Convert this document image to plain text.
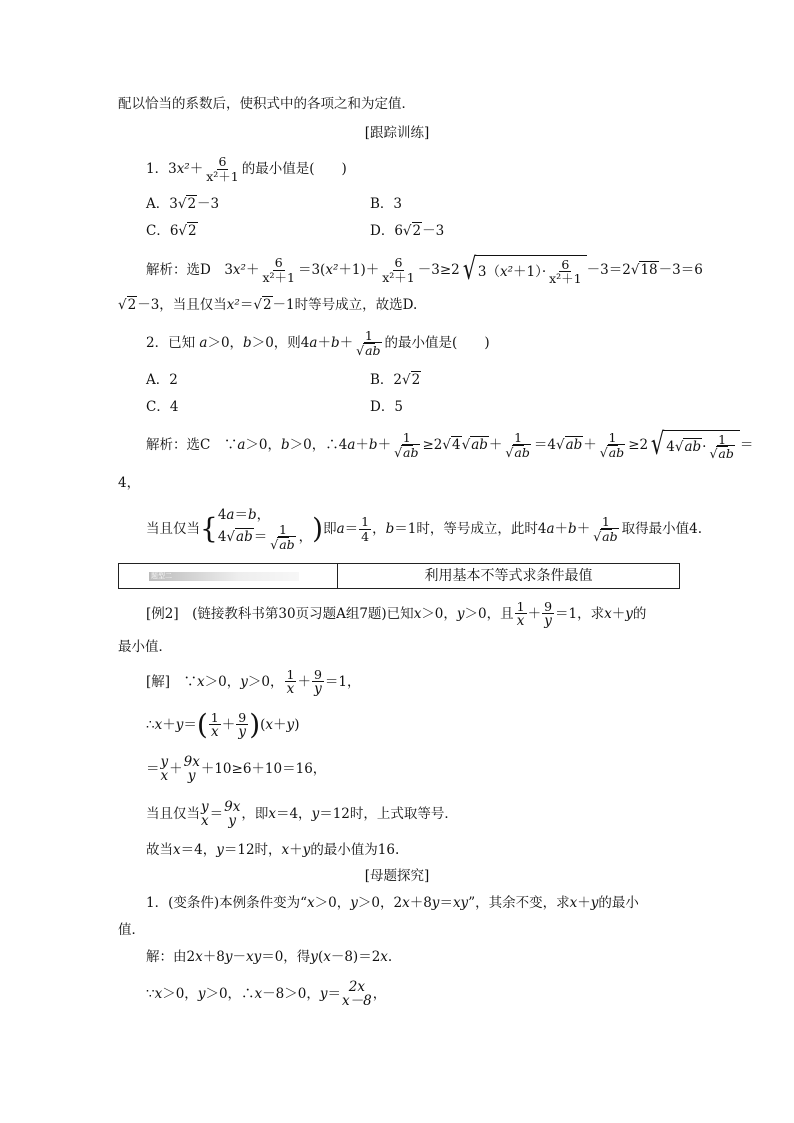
配以恰当的系数后，使积式中的各项之和为定值．
[跟踪训练]
1．3 $x^2 + \frac{6}{\text{x²＋1}}$ 的最小值是(　　)
A．3 √ 2－3	B．3
C．6 √ 2	D．6 √ 2－3
解析：选D　3 $x^2 + \frac{6}{\text{x²＋1}} =3$( $x^2 +1)+ \frac{6}{\text{x²＋1}} -3\ge 2$ √ 3（ $x^2 +1)\cdot \frac{6}{\text{x²＋1}} -3=2$ √ 18 －3＝6
√ 2－3，当且仅当x²＝ √ 2－1时等号成立，故选D.
2．已知
a ＞0， b ＞0，则4 a ＋ b ＋ 1
√ ab 的最小值是(　　)
A．2	B．2 √ 2
C．4	D．5
解析：选C　∵ a ＞0， b ＞0，∴4 a ＋ b ＋ 1
√ ab ≥2 √ 4 √ ab ＋ 1
√ ab ＝4 √ ab ＋ 1
√ ab ≥2 √ 4 √ ab · 1
√ ab ＝
4，
当且仅当 { 4a＝b，
4 √ ab ＝ 1
√ ab ， ) 即 $a = \frac{1}{4}$ ， b ＝1时，等号成立，此时4 a ＋ b ＋ 1
√ ab 取得最小值4.
题型二	利用基本不等式求条件最值
[例2]　(链接教科书第30页习题A组7题)已知 x ＞0， y ＞0，且 $\frac{1}{x} + \frac{9}{y} =1$，求 x ＋ y 的
最小值．
[解]　∵ x ＞0， y ＞0， $\frac{1}{x} + \frac{9}{y} =1$，
∴ x ＋ y ＝ ( $\frac{1}{x} + \frac{9}{y}$ ) ( x ＋ y )
＝ y
x ＋ 9x
y ＋10≥6＋10＝16，
当且仅当 y
x ＝ 9x
y ，即 x ＝4， y ＝12时，上式取等号．
故当x＝4，y＝12时，x＋y的最小值为16.
[母题探究]
1．(变条件)本例条件变为“x＞0，y＞0，2x＋8y＝xy”，其余不变，求x＋y的最小
值．
解：由2x＋8y－xy＝0，得y(x－8)＝2x.
∵ x ＞0， y ＞0，∴ x －8＞0， y ＝ 2x
x－8 ，
